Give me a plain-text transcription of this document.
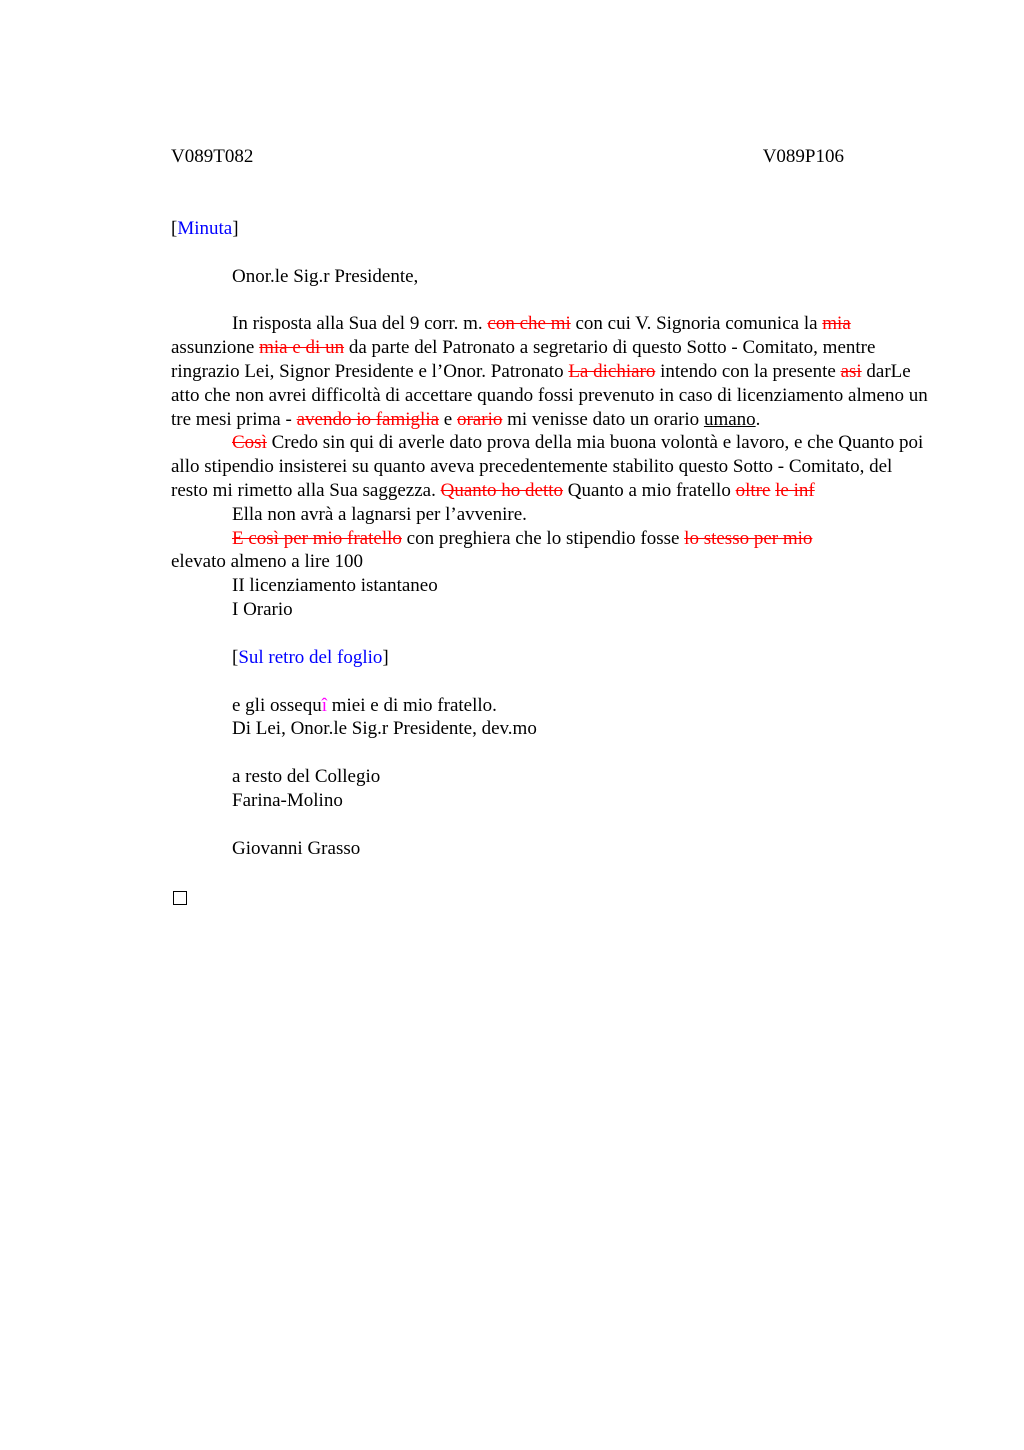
V089T082	V089P106

[Minuta]

Onor.le Sig.r Presidente,

In risposta alla Sua del 9 corr. m. con che mi con cui V. Signoria comunica la mia
assunzione mia e di un da parte del Patronato a segretario di questo Sotto - Comitato, mentre ringrazio Lei, Signor Presidente e l’Onor. Patronato La dichiaro intendo con la presente asi darLe atto che non avrei difficoltà di accettare quando fossi prevenuto in caso di licenziamento almeno un tre mesi prima - avendo io famiglia e orario mi venisse dato un orario umano.

Così Credo sin qui di averle dato prova della mia buona volontà e lavoro, e che Quanto poi allo stipendio insisterei su quanto aveva precedentemente stabilito questo Sotto - Comitato, del resto mi rimetto alla Sua saggezza. Quanto ho detto Quanto a mio fratello oltre le inf

Ella non avrà a lagnarsi per l’avvenire.

E così per mio fratello con preghiera che lo stipendio fosse lo stesso per mio
elevato almeno a lire 100

II licenziamento istantaneo

I Orario

[Sul retro del foglio]

e gli ossequî miei e di mio fratello.

Di Lei, Onor.le Sig.r Presidente, dev.mo

a resto del Collegio

Farina-Molino

Giovanni Grasso
